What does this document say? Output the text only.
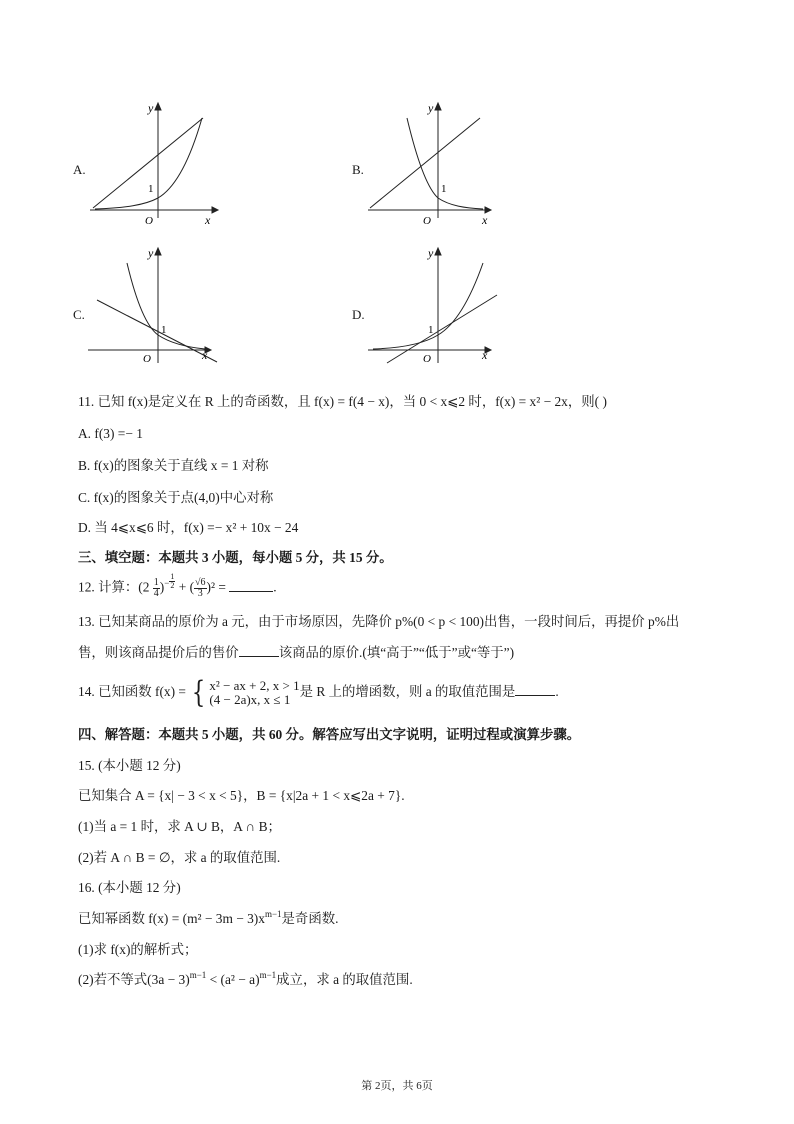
A.	B.
C.	D.
y
x
O
1
y
x
O
1
y
x
O
1
y
x
O
1
11. 已知 f(x)是定义在 R 上的奇函数，且 f(x) = f(4 − x)，当 0 < x⩽2 时，f(x) = x² − 2x，则( )
A. f(3) =− 1
B. f(x)的图象关于直线 x = 1 对称
C. f(x)的图象关于点(4,0)中心对称
D. 当 4⩽x⩽6 时，f(x) =− x² + 10x − 24
三、填空题：本题共 3 小题，每小题 5 分，共 15 分。
12. 计算：$(2 \frac{1}{4} )^- \frac{1}{2}$ + ( $\frac{√6}{3} )^2$ =	.
13. 已知某商品的原价为 a 元，由于市场原因，先降价 p%(0 < p < 100)出售，一段时间后，再提价 p%出
售，则该商品提价后的售价	该商品的原价.(填“高于”“低于”或“等于”)
14. 已知函数 f(x) = { x² − ax + 2, x > 1
(4 − 2a)x, x ≤ 1
是 R 上的增函数，则 a 的取值范围是	.
四、解答题：本题共 5 小题，共 60 分。解答应写出文字说明，证明过程或演算步骤。
15. (本小题 12 分)
已知集合 A = {x| − 3 < x < 5}，B = {x|2a + 1 < x⩽2a + 7}.
(1)当 a = 1 时，求 A ∪ B，A ∩ B；
(2)若 A ∩ B = ∅，求 a 的取值范围.
16. (本小题 12 分)
已知幂函数 $f(x) = (m^2 - 3m - 3)x^{m-1}$是奇函数.
(1)求 f(x)的解析式；
(2)若不等式$(3a - 3)^{m-1} < (a^2 - a)^{m-1}$成立，求 a 的取值范围.
第 2页，共 6页
